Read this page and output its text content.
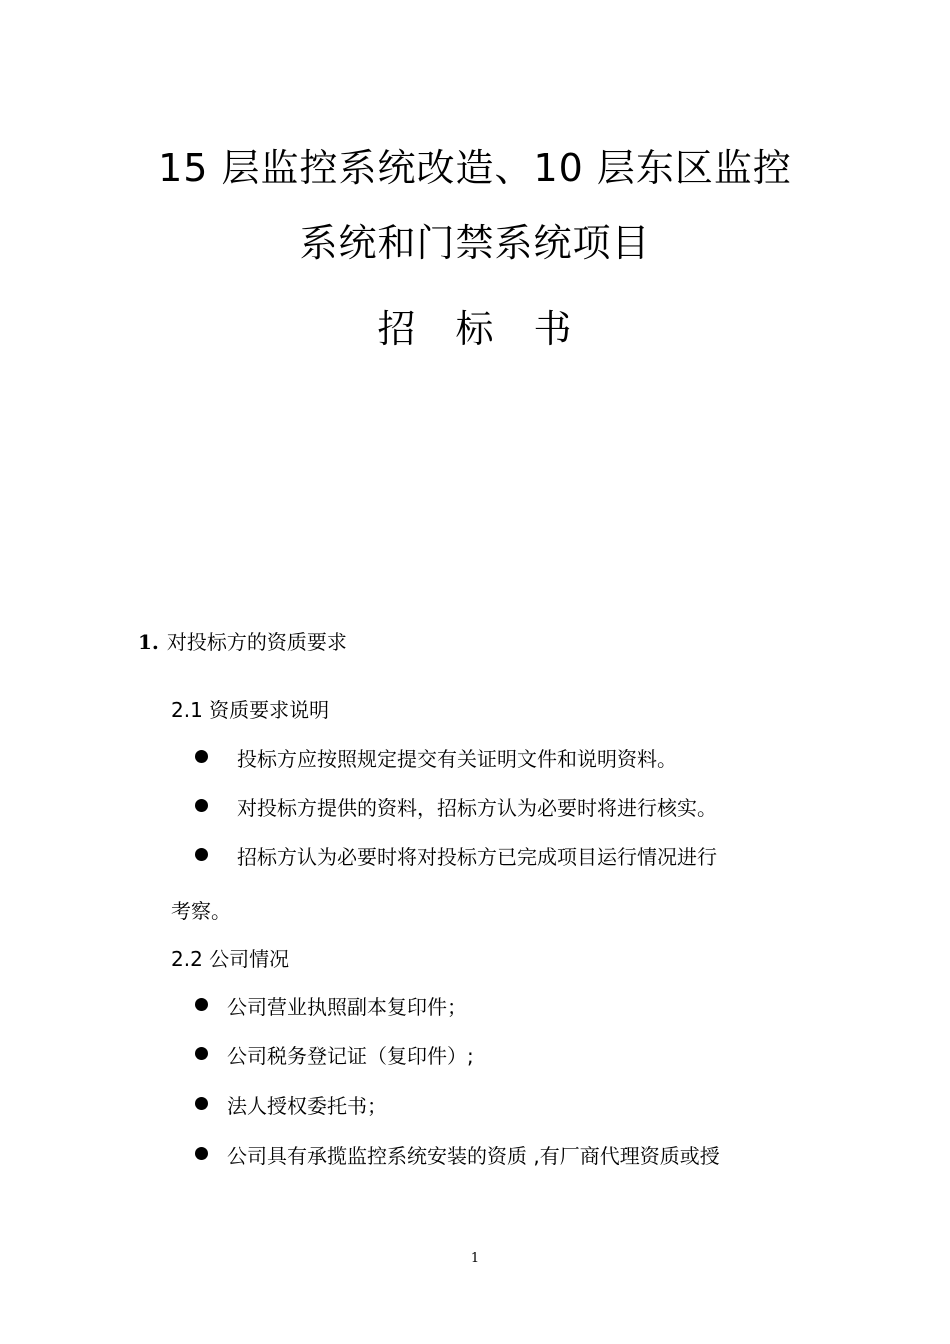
15 层监控系统改造、10 层东区监控
系统和门禁系统项目
招　标　书
1. 对投标方的资质要求
2.1 资质要求说明
投标方应按照规定提交有关证明文件和说明资料。
对投标方提供的资料，招标方认为必要时将进行核实。
招标方认为必要时将对投标方已完成项目运行情况进行
考察。
2.2 公司情况
公司营业执照副本复印件；
公司税务登记证（复印件）;
法人授权委托书；
公司具有承揽监控系统安装的资质 ,有厂商代理资质或授
1
